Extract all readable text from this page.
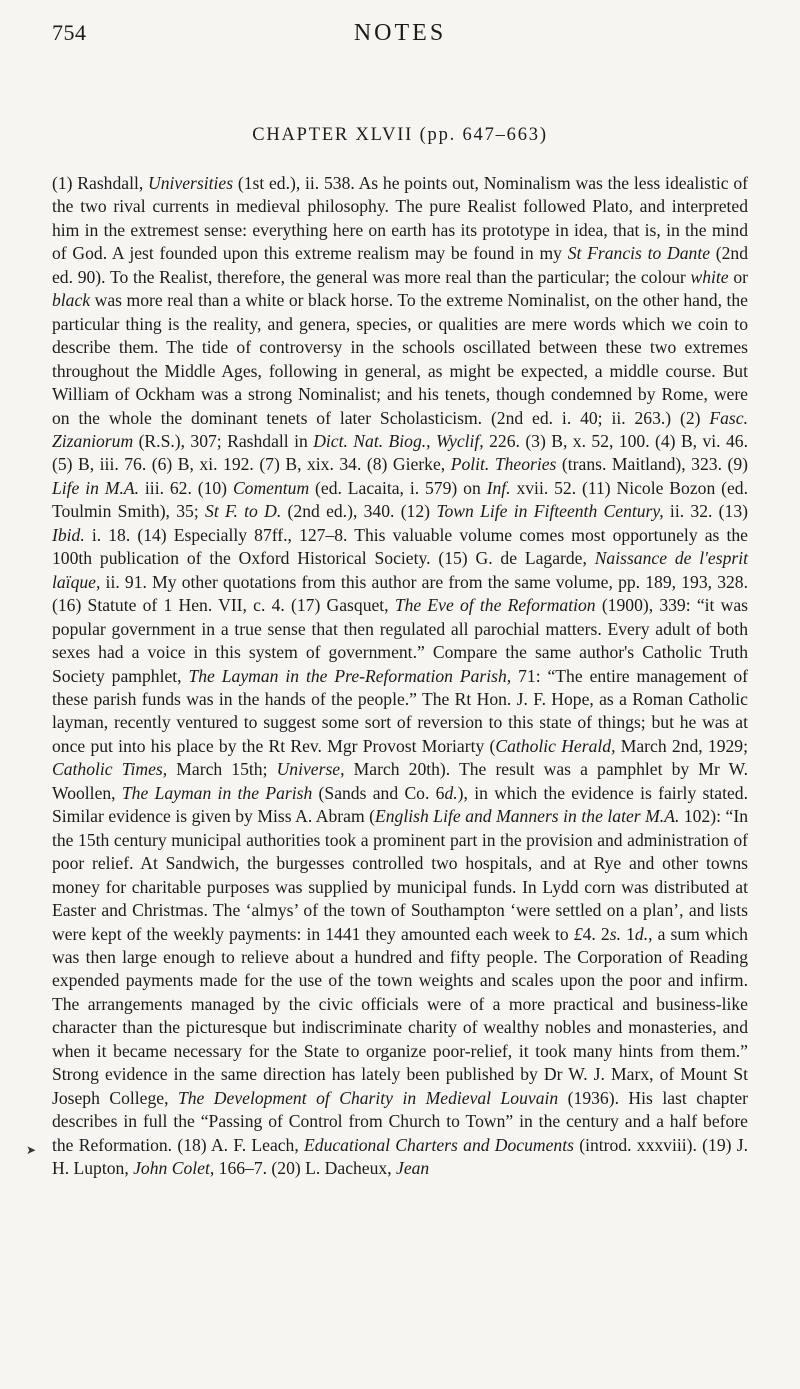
754	NOTES
CHAPTER XLVII (pp. 647–663)
➤

(1) Rashdall, Universities (1st ed.), ii. 538. As he points out, Nominalism was the less idealistic of the two rival currents in medieval philosophy. The pure Realist followed Plato, and interpreted him in the extremest sense: everything here on earth has its prototype in idea, that is, in the mind of God. A jest founded upon this extreme realism may be found in my St Francis to Dante (2nd ed. 90). To the Realist, therefore, the general was more real than the particular; the colour white or black was more real than a white or black horse. To the extreme Nominalist, on the other hand, the particular thing is the reality, and genera, species, or qualities are mere words which we coin to describe them. The tide of controversy in the schools oscillated between these two extremes throughout the Middle Ages, following in general, as might be expected, a middle course. But William of Ockham was a strong Nominalist; and his tenets, though condemned by Rome, were on the whole the dominant tenets of later Scholasticism. (2nd ed. i. 40; ii. 263.) (2) Fasc. Zizaniorum (R.S.), 307; Rashdall in Dict. Nat. Biog., Wyclif, 226. (3) B, x. 52, 100. (4) B, vi. 46. (5) B, iii. 76. (6) B, xi. 192. (7) B, xix. 34. (8) Gierke, Polit. Theories (trans. Maitland), 323. (9) Life in M.A. iii. 62. (10) Comentum (ed. Lacaita, i. 579) on Inf. xvii. 52. (11) Nicole Bozon (ed. Toulmin Smith), 35; St F. to D. (2nd ed.), 340. (12) Town Life in Fifteenth Century, ii. 32. (13) Ibid. i. 18. (14) Especially 87ff., 127–8. This valuable volume comes most opportunely as the 100th publication of the Oxford Historical Society. (15) G. de Lagarde, Naissance de l'esprit laïque, ii. 91. My other quotations from this author are from the same volume, pp. 189, 193, 328. (16) Statute of 1 Hen. VII, c. 4. (17) Gasquet, The Eve of the Reformation (1900), 339: “it was popular government in a true sense that then regulated all parochial matters. Every adult of both sexes had a voice in this system of government.” Compare the same author's Catholic Truth Society pamphlet, The Layman in the Pre-Reformation Parish, 71: “The entire management of these parish funds was in the hands of the people.” The Rt Hon. J. F. Hope, as a Roman Catholic layman, recently ventured to suggest some sort of reversion to this state of things; but he was at once put into his place by the Rt Rev. Mgr Provost Moriarty (Catholic Herald, March 2nd, 1929; Catholic Times, March 15th; Universe, March 20th). The result was a pamphlet by Mr W. Woollen, The Layman in the Parish (Sands and Co. 6d.), in which the evidence is fairly stated. Similar evidence is given by Miss A. Abram (English Life and Manners in the later M.A. 102): “In the 15th century municipal authorities took a prominent part in the provision and administration of poor relief. At Sandwich, the burgesses controlled two hospitals, and at Rye and other towns money for charitable purposes was supplied by municipal funds. In Lydd corn was distributed at Easter and Christmas. The ‘almys’ of the town of Southampton ‘were settled on a plan’, and lists were kept of the weekly payments: in 1441 they amounted each week to £4. 2s. 1d., a sum which was then large enough to relieve about a hundred and fifty people. The Corporation of Reading expended payments made for the use of the town weights and scales upon the poor and infirm. The arrangements managed by the civic officials were of a more practical and business-like character than the picturesque but indiscriminate charity of wealthy nobles and monasteries, and when it became necessary for the State to organize poor-relief, it took many hints from them.” Strong evidence in the same direction has lately been published by Dr W. J. Marx, of Mount St Joseph College, The Development of Charity in Medieval Louvain (1936). His last chapter describes in full the “Passing of Control from Church to Town” in the century and a half before the Reformation. (18) A. F. Leach, Educational Charters and Documents (introd. xxxviii). (19) J. H. Lupton, John Colet, 166–7. (20) L. Dacheux, Jean
